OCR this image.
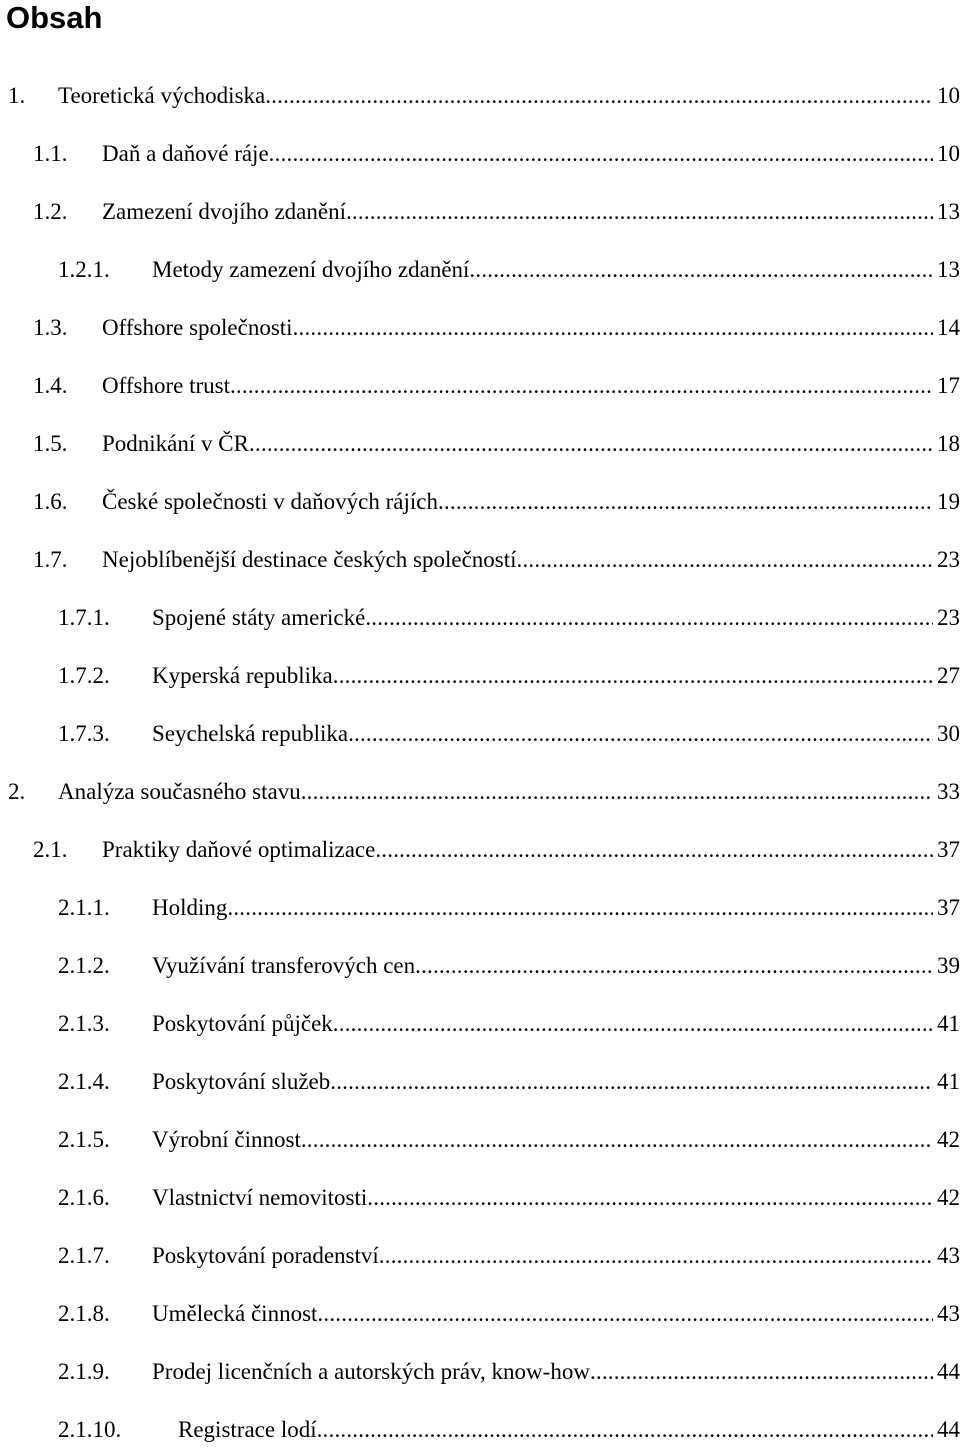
Obsah
1. Teoretická východiska .....	10
1.1. Daň a daňové ráje .....	10
1.2. Zamezení dvojího zdanění .....	13
1.2.1. Metody zamezení dvojího zdanění .....	13
1.3. Offshore společnosti .....	14
1.4. Offshore trust .....	17
1.5. Podnikání v ČR .....	18
1.6. České společnosti v daňových rájích .....	19
1.7. Nejoblíbenější destinace českých společností .....	23
1.7.1. Spojené státy americké .....	23
1.7.2. Kyperská republika .....	27
1.7.3. Seychelská republika .....	30
2. Analýza současného stavu .....	33
2.1. Praktiky daňové optimalizace .....	37
2.1.1. Holding .....	37
2.1.2. Využívání transferových cen .....	39
2.1.3. Poskytování půjček .....	41
2.1.4. Poskytování služeb .....	41
2.1.5. Výrobní činnost .....	42
2.1.6. Vlastnictví nemovitosti .....	42
2.1.7. Poskytování poradenství .....	43
2.1.8. Umělecká činnost .....	43
2.1.9. Prodej licenčních a autorských práv, know-how .....	44
2.1.10. Registrace lodí .....	44
